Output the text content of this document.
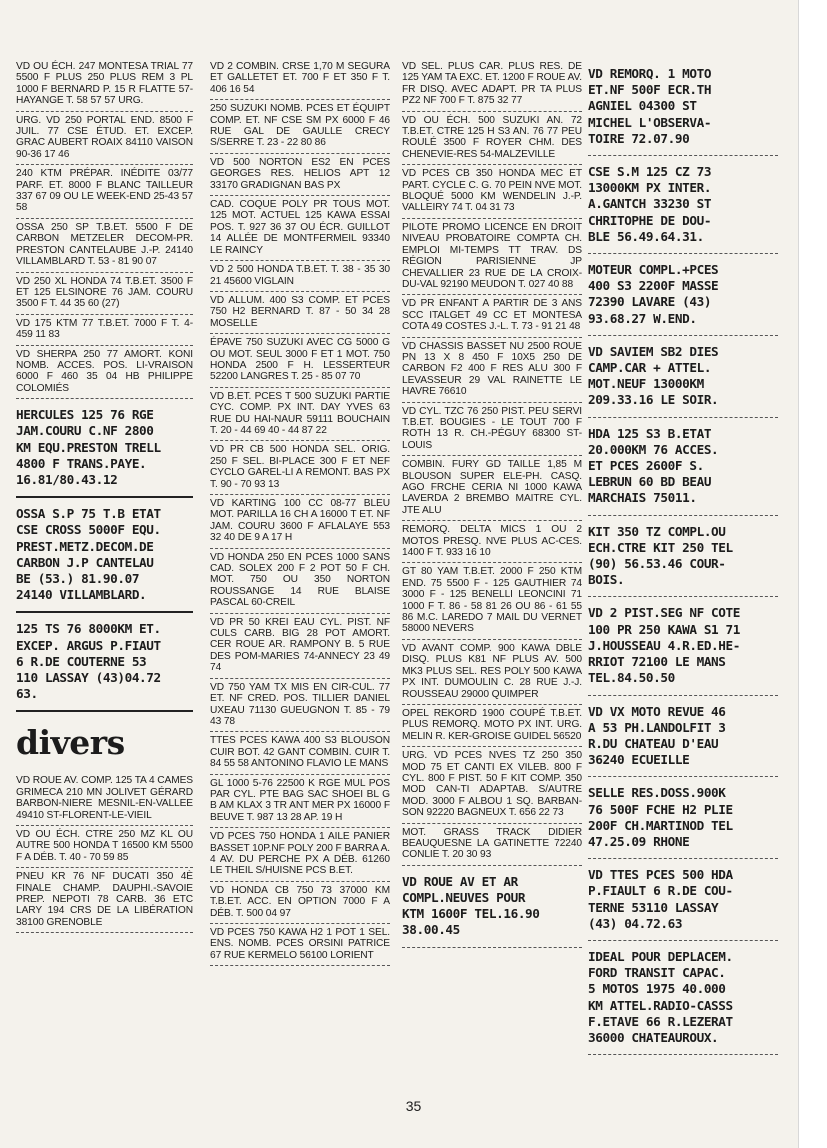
VD OU ÉCH. 247 MONTESA TRIAL 77 5500 F PLUS 250 PLUS REM 3 PL 1000 F BERNARD P. 15 R FLATTE 57-HAYANGE T. 58 57 57 URG.
URG. VD 250 PORTAL END. 8500 F JUIL. 77 CSE ÉTUD. ET. EXCEP. GRAC AUBERT ROAIX 84110 VAISON 90-36 17 46
240 KTM PRÉPAR. INÉDITE 03/77 PARF. ET. 8000 F BLANC TAILLEUR 337 67 09 OU LE WEEK-END 25-43 57 58
OSSA 250 SP T.B.ET. 5500 F DE CARBON METZELER DECOM-PR. PRESTON CANTELAUBE J.-P. 24140 VILLAMBLARD T. 53 - 81 90 07
VD 250 XL HONDA 74 T.B.ET. 3500 F ET 125 ELSINORE 76 JAM. COURU 3500 F T. 44 35 60 (27)
VD 175 KTM 77 T.B.ET. 7000 F T. 4-459 11 83
VD SHERPA 250 77 AMORT. KONI NOMB. ACCES. POS. LI-VRAISON 6000 F 460 35 04 HB PHILIPPE COLOMIÉS
HERCULES 125 76 RGE
JAM.COURU C.NF 2800
KM EQU.PRESTON TRELL
4800 F TRANS.PAYE.
16.81/80.43.12
OSSA S.P 75 T.B ETAT
CSE CROSS 5000F EQU.
PREST.METZ.DECOM.DE
CARBON J.P CANTELAU
BE (53.) 81.90.07
24140 VILLAMBLARD.
125 TS 76 8000KM ET.
EXCEP. ARGUS P.FIAUT
6 R.DE COUTERNE 53
110 LASSAY (43)04.72
63.
divers
VD ROUE AV. COMP. 125 TA 4 CAMES GRIMECA 210 MN JOLIVET GÉRARD BARBON-NIERE MESNIL-EN-VALLEE 49410 ST-FLORENT-LE-VIEIL
VD OU ÉCH. CTRE 250 MZ KL OU AUTRE 500 HONDA T 16500 KM 5500 F A DÉB. T. 40 - 70 59 85
PNEU KR 76 NF DUCATI 350 4È FINALE CHAMP. DAUPHI.-SAVOIE PREP. NEPOTI 78 CARB. 36 ETC LARY 194 CRS DE LA LIBÉRATION 38100 GRENOBLE
VD 2 COMBIN. CRSE 1,70 M SEGURA ET GALLETET ET. 700 F ET 350 F T. 406 16 54
250 SUZUKI NOMB. PCES ET ÉQUIPT COMP. ET. NF CSE SM PX 6000 F 46 RUE GAL DE GAULLE CRECY S/SERRE T. 23 - 22 80 86
VD 500 NORTON ES2 EN PCES GEORGES RES. HELIOS APT 12 33170 GRADIGNAN BAS PX
CAD. COQUE POLY PR TOUS MOT. 125 MOT. ACTUEL 125 KAWA ESSAI POS. T. 927 36 37 OU ÉCR. GUILLOT 14 ALLÉE DE MONTFERMEIL 93340 LE RAINCY
VD 2 500 HONDA T.B.ET. T. 38 - 35 30 21 45600 VIGLAIN
VD ALLUM. 400 S3 COMP. ET PCES 750 H2 BERNARD T. 87 - 50 34 28 MOSELLE
ÉPAVE 750 SUZUKI AVEC CG 5000 G OU MOT. SEUL 3000 F ET 1 MOT. 750 HONDA 2500 F H. LESSERTEUR 52200 LANGRES T. 25 - 85 07 70
VD B.ET. PCES T 500 SUZUKI PARTIE CYC. COMP. PX INT. DAY YVES 63 RUE DU HAI-NAUR 59111 BOUCHAIN T. 20 - 44 69 40 - 44 87 22
VD PR CB 500 HONDA SEL. ORIG. 250 F SEL. BI-PLACE 300 F ET NEF CYCLO GAREL-LI A REMONT. BAS PX T. 90 - 70 93 13
VD KARTING 100 CC 08-77 BLEU MOT. PARILLA 16 CH A 16000 T ET. NF JAM. COURU 3600 F AFLALAYE 553 32 40 DE 9 A 17 H
VD HONDA 250 EN PCES 1000 SANS CAD. SOLEX 200 F 2 POT 50 F CH. MOT. 750 OU 350 NORTON ROUSSANGE 14 RUE BLAISE PASCAL 60-CREIL
VD PR 50 KREI EAU CYL. PIST. NF CULS CARB. BIG 28 POT AMORT. CER ROUE AR. RAMPONY B. 5 RUE DES POM-MARIES 74-ANNECY 23 49 74
VD 750 YAM TX MIS EN CIR-CUL. 77 ET. NF CRED. POS. TILLIER DANIEL UXEAU 71130 GUEUGNON T. 85 - 79 43 78
TTES PCES KAWA 400 S3 BLOUSON CUIR BOT. 42 GANT COMBIN. CUIR T. 84 55 58 ANTONINO FLAVIO LE MANS
GL 1000 5-76 22500 K RGE MUL POS PAR CYL. PTE BAG SAC SHOEI BL G B AM KLAX 3 TR ANT MER PX 16000 F BEUVE T. 987 13 28 AP. 19 H
VD PCES 750 HONDA 1 AILE PANIER BASSET 10P.NF POLY 200 F BARRA A. 4 AV. DU PERCHE PX A DÉB. 61260 LE THEIL S/HUISNE PCS B.ET.
VD HONDA CB 750 73 37000 KM T.B.ET. ACC. EN OPTION 7000 F A DÉB. T. 500 04 97
VD PCES 750 KAWA H2 1 POT 1 SEL. ENS. NOMB. PCES ORSINI PATRICE 67 RUE KERMELO 56100 LORIENT
VD SEL. PLUS CAR. PLUS RES. DE 125 YAM TA EXC. ET. 1200 F ROUE AV. FR DISQ. AVEC ADAPT. PR TA PLUS PZ2 NF 700 F T. 875 32 77
VD OU ÉCH. 500 SUZUKI AN. 72 T.B.ET. CTRE 125 H S3 AN. 76 77 PEU ROULÉ 3500 F ROYER CHM. DES CHENEVIE-RES 54-MALZEVILLE
VD PCES CB 350 HONDA MEC ET PART. CYCLE C. G. 70 PEIN NVE MOT. BLOQUÉ 5000 KM WENDELIN J.-P. VALLEIRY 74 T. 04 31 73
PILOTE PROMO LICENCE EN DROIT NIVEAU PROBATOIRE COMPTA CH. EMPLOI MI-TEMPS TT TRAV. DS RÉGION PARISIENNE JP CHEVALLIER 23 RUE DE LA CROIX-DU-VAL 92190 MEUDON T. 027 40 88
VD PR ENFANT A PARTIR DE 3 ANS SCC ITALGET 49 CC ET MONTESA COTA 49 COSTES J.-L. T. 73 - 91 21 48
VD CHASSIS BASSET NU 2500 ROUE PN 13 X 8 450 F 10X5 250 DE CARBON F2 400 F RES ALU 300 F LEVASSEUR 29 VAL RAINETTE LE HAVRE 76610
VD CYL. TZC 76 250 PIST. PEU SERVI T.B.ET. BOUGIES - LE TOUT 700 F ROTH 13 R. CH.-PÉGUY 68300 ST-LOUIS
COMBIN. FURY GD TAILLE 1,85 M BLOUSON SUPER ELE-PH. CASQ. AGO FRCHE CERIA NI 1000 KAWA LAVERDA 2 BREMBO MAITRE CYL. JTE ALU
REMORQ. DELTA MICS 1 OU 2 MOTOS PRESQ. NVE PLUS AC-CES. 1400 F T. 933 16 10
GT 80 YAM T.B.ET. 2000 F 250 KTM END. 75 5500 F - 125 GAUTHIER 74 3000 F - 125 BENELLI LEONCINI 71 1000 F T. 86 - 58 81 26 OU 86 - 61 55 86 M.C. LAREDO 7 MAIL DU VERNET 58000 NEVERS
VD AVANT COMP. 900 KAWA DBLE DISQ. PLUS K81 NF PLUS AV. 500 MK3 PLUS SEL. RES POLY 500 KAWA PX INT. DUMOULIN C. 28 RUE J.-J. ROUSSEAU 29000 QUIMPER
OPEL REKORD 1900 COUPÉ T.B.ET. PLUS REMORQ. MOTO PX INT. URG. MELIN R. KER-GROISE GUIDEL 56520
URG. VD PCES NVES TZ 250 350 MOD 75 ET CANTI EX VILEB. 800 F CYL. 800 F PIST. 50 F KIT COMP. 350 MOD CAN-TI ADAPTAB. S/AUTRE MOD. 3000 F ALBOU 1 SQ. BARBAN-SON 92220 BAGNEUX T. 656 22 73
MOT. GRASS TRACK DIDIER BEAUQUESNE LA GATINETTE 72240 CONLIE T. 20 30 93
VD ROUE AV ET AR
COMPL.NEUVES POUR
KTM 1600F TEL.16.90
38.00.45
VD REMORQ. 1 MOTO
ET.NF 500F ECR.TH
AGNIEL 04300 ST
MICHEL L'OBSERVA-
TOIRE 72.07.90
CSE S.M 125 CZ 73
13000KM PX INTER.
A.GANTCH 33230 ST
CHRITOPHE DE DOU-
BLE 56.49.64.31.
MOTEUR COMPL.+PCES
400 S3 2200F MASSE
72390 LAVARE (43)
93.68.27 W.END.
VD SAVIEM SB2 DIES
CAMP.CAR + ATTEL.
MOT.NEUF 13000KM
209.33.16 LE SOIR.
HDA 125 S3 B.ETAT
20.000KM 76 ACCES.
ET PCES 2600F S.
LEBRUN 60 BD BEAU
MARCHAIS 75011.
KIT 350 TZ COMPL.OU
ECH.CTRE KIT 250 TEL
(90) 56.53.46 COUR-
BOIS.
VD 2 PIST.SEG NF COTE
100 PR 250 KAWA S1 71
J.HOUSSEAU 4.R.ED.HE-
RRIOT 72100 LE MANS
TEL.84.50.50
VD VX MOTO REVUE 46
A 53 PH.LANDOLFIT 3
R.DU CHATEAU D'EAU
36240 ECUEILLE
SELLE RES.DOSS.900K
76 500F FCHE H2 PLIE
200F CH.MARTINOD TEL
47.25.09 RHONE
VD TTES PCES 500 HDA
P.FIAULT 6 R.DE COU-
TERNE 53110 LASSAY
(43) 04.72.63
IDEAL POUR DEPLACEM.
FORD TRANSIT CAPAC.
5 MOTOS 1975 40.000
KM ATTEL.RADIO-CASSS
F.ETAVE 66 R.LEZERAT
36000 CHATEAUROUX.
35
